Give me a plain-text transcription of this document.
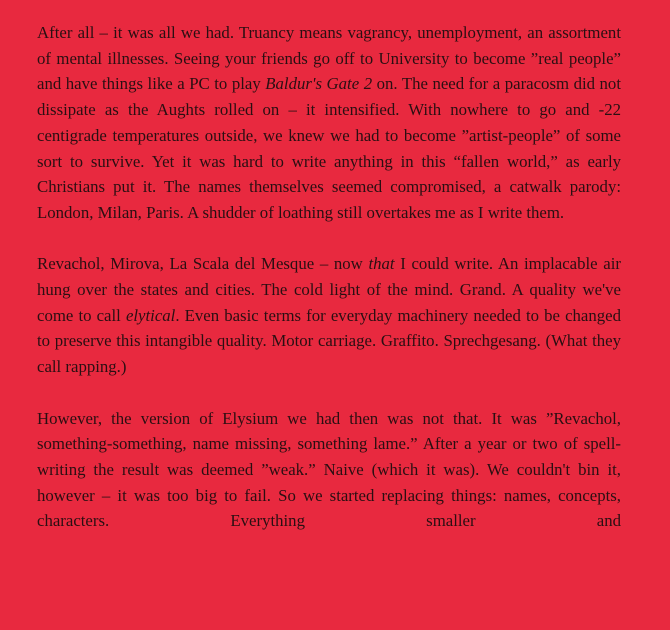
After all – it was all we had. Truancy means vagrancy, unemployment, an assortment of mental illnesses. Seeing your friends go off to University to become ”real people” and have things like a PC to play Baldur's Gate 2 on. The need for a paracosm did not dissipate as the Aughts rolled on – it intensified. With nowhere to go and -22 centigrade temperatures outside, we knew we had to become ”artist-people” of some sort to survive. Yet it was hard to write anything in this “fallen world,” as early Christians put it. The names themselves seemed compromised, a catwalk parody: London, Milan, Paris. A shudder of loathing still overtakes me as I write them.

Revachol, Mirova, La Scala del Mesque – now that I could write. An implacable air hung over the states and cities. The cold light of the mind. Grand. A quality we've come to call elytical. Even basic terms for everyday machinery needed to be changed to preserve this intangible quality. Motor carriage. Graffito. Sprechgesang. (What they call rapping.)

However, the version of Elysium we had then was not that. It was ”Revachol, something-something, name missing, something lame.” After a year or two of spell-writing the result was deemed ”weak.” Naive (which it was). We couldn't bin it, however – it was too big to fail. So we started replacing things: names, concepts, characters. Everything smaller and
